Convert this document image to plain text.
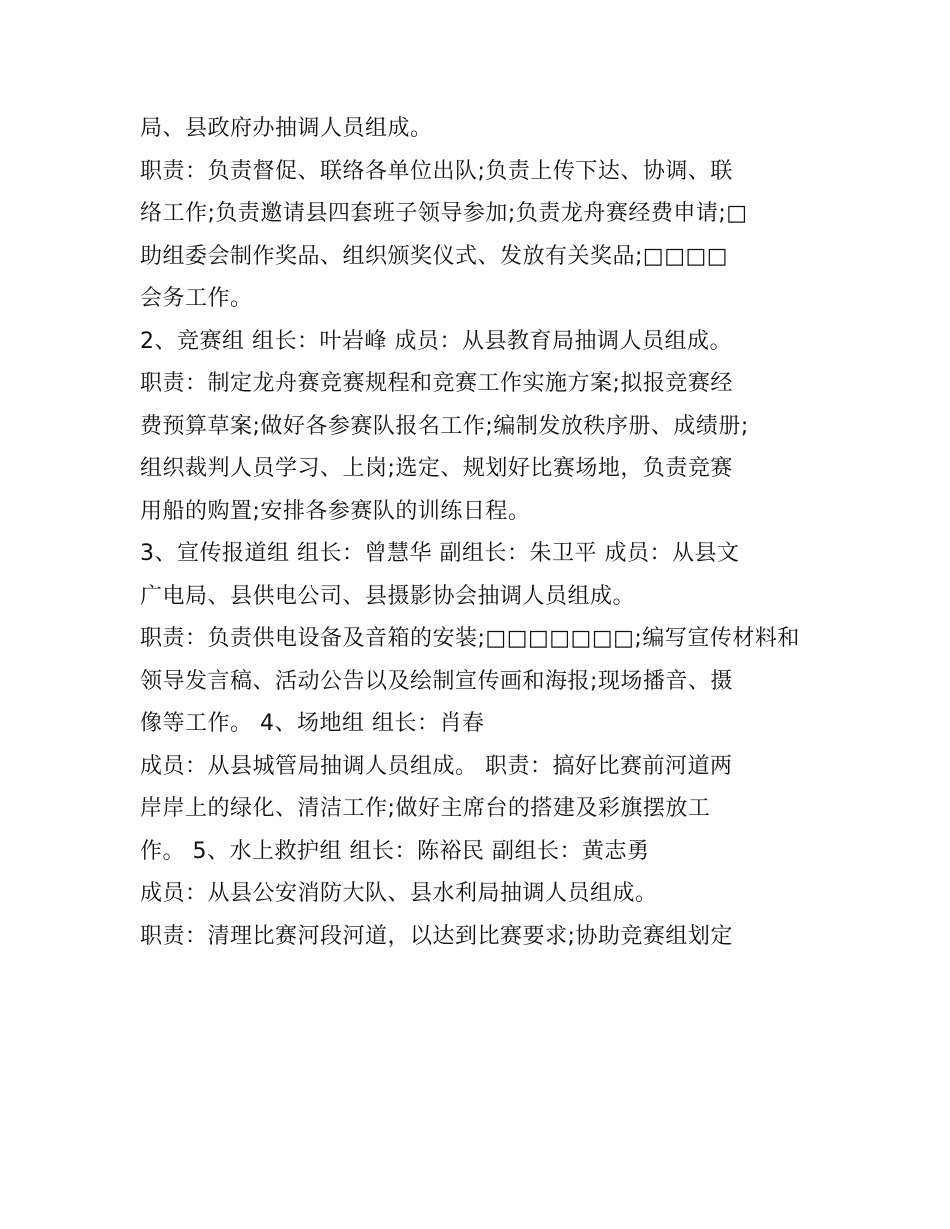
局、县政府办抽调人员组成。
职责：负责督促、联络各单位出队;负责上传下达、协调、联
络工作;负责邀请县四套班子领导参加;负责龙舟赛经费申请;□
助组委会制作奖品、组织颁奖仪式、发放有关奖品;□□□□
会务工作。
2、竞赛组 组长：叶岩峰 成员：从县教育局抽调人员组成。
职责：制定龙舟赛竞赛规程和竞赛工作实施方案;拟报竞赛经
费预算草案;做好各参赛队报名工作;编制发放秩序册、成绩册;
组织裁判人员学习、上岗;选定、规划好比赛场地，负责竞赛
用船的购置;安排各参赛队的训练日程。
3、宣传报道组 组长：曾慧华 副组长：朱卫平 成员：从县文
广电局、县供电公司、县摄影协会抽调人员组成。
职责：负责供电设备及音箱的安装;□□□□□□□;编写宣传材料和
领导发言稿、活动公告以及绘制宣传画和海报;现场播音、摄
像等工作。 4、场地组 组长：肖春
成员：从县城管局抽调人员组成。 职责：搞好比赛前河道两
岸岸上的绿化、清洁工作;做好主席台的搭建及彩旗摆放工
作。 5、水上救护组 组长：陈裕民 副组长：黄志勇
成员：从县公安消防大队、县水利局抽调人员组成。
职责：清理比赛河段河道，以达到比赛要求;协助竞赛组划定
